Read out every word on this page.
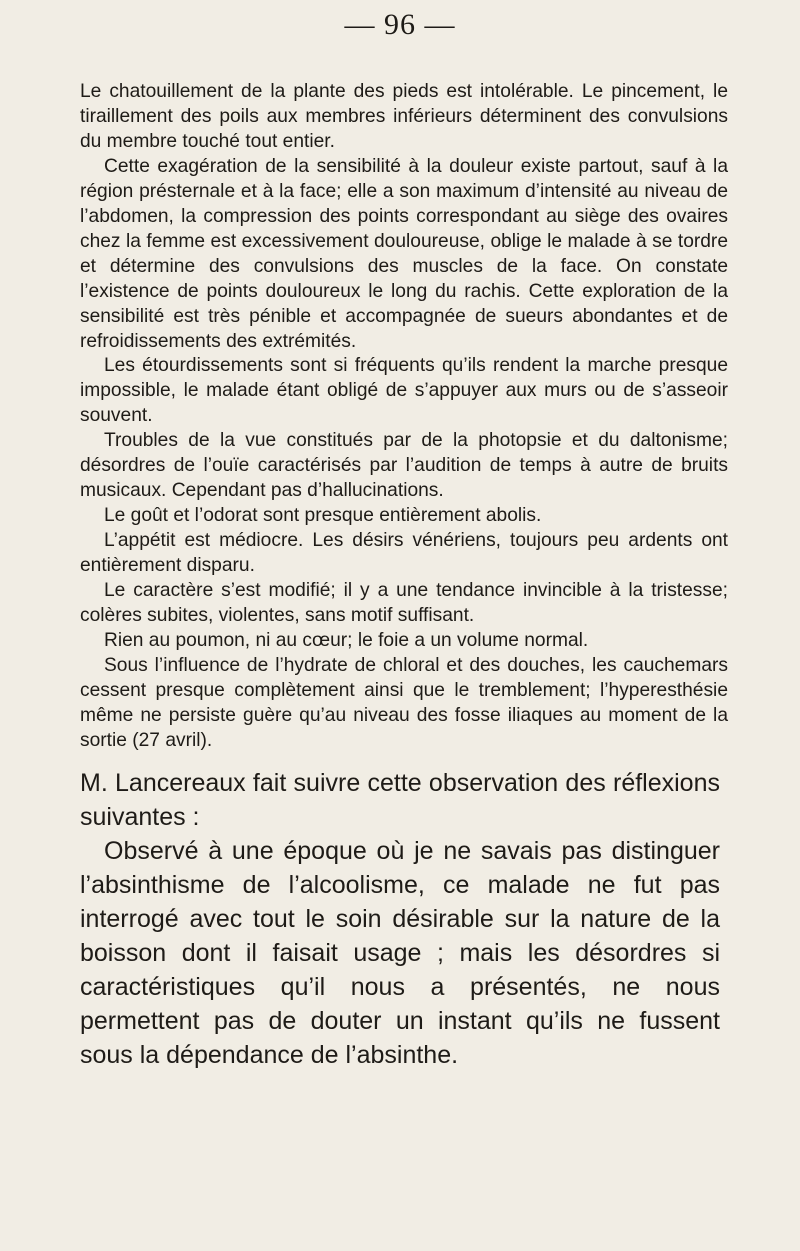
— 96 —

Le chatouillement de la plante des pieds est intolérable. Le pincement, le tiraillement des poils aux membres inférieurs déterminent des convulsions du membre touché tout entier.

Cette exagération de la sensibilité à la douleur existe partout, sauf à la région présternale et à la face; elle a son maximum d’intensité au niveau de l’abdomen, la compression des points correspondant au siège des ovaires chez la femme est excessivement douloureuse, oblige le malade à se tordre et détermine des convulsions des muscles de la face. On constate l’existence de points douloureux le long du rachis. Cette exploration de la sensibilité est très pénible et accompagnée de sueurs abondantes et de refroidissements des extrémités.

Les étourdissements sont si fréquents qu’ils rendent la marche presque impossible, le malade étant obligé de s’appuyer aux murs ou de s’asseoir souvent.

Troubles de la vue constitués par de la photopsie et du daltonisme; désordres de l’ouïe caractérisés par l’audition de temps à autre de bruits musicaux. Cependant pas d’hallucinations.

Le goût et l’odorat sont presque entièrement abolis.

L’appétit est médiocre. Les désirs vénériens, toujours peu ardents ont entièrement disparu.

Le caractère s’est modifié; il y a une tendance invincible à la tristesse; colères subites, violentes, sans motif suffisant.

Rien au poumon, ni au cœur; le foie a un volume normal.

Sous l’influence de l’hydrate de chloral et des douches, les cauchemars cessent presque complètement ainsi que le tremblement; l’hyperesthésie même ne persiste guère qu’au niveau des fosse iliaques au moment de la sortie (27 avril).

M. Lancereaux fait suivre cette observation des réflexions suivantes :

Observé à une époque où je ne savais pas distinguer l’absinthisme de l’alcoolisme, ce malade ne fut pas interrogé avec tout le soin désirable sur la nature de la boisson dont il faisait usage ; mais les désordres si caractéristiques qu’il nous a présentés, ne nous permettent pas de douter un instant qu’ils ne fussent sous la dépendance de l’absinthe.
